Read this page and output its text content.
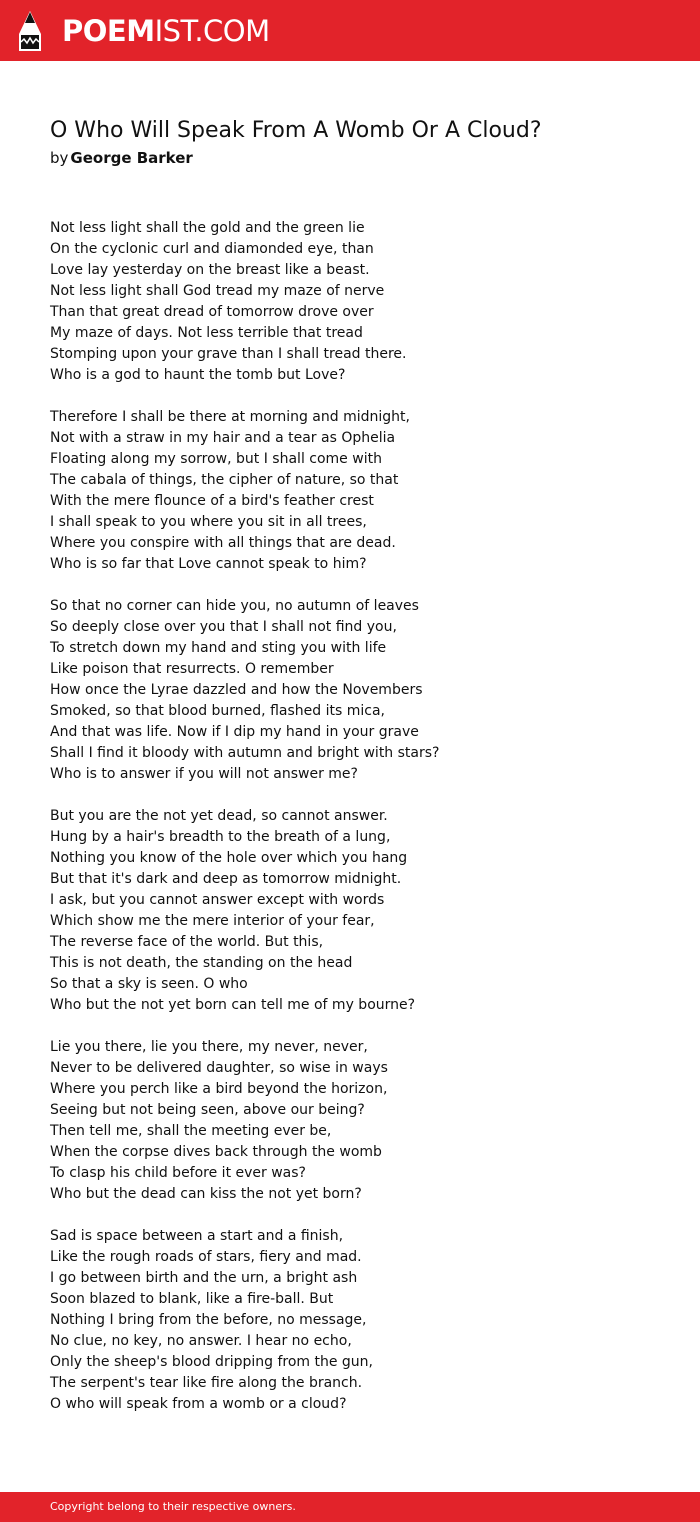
POEMIST.COM
O Who Will Speak From A Womb Or A Cloud?
by George Barker
Not less light shall the gold and the green lie
On the cyclonic curl and diamonded eye, than
Love lay yesterday on the breast like a beast.
Not less light shall God tread my maze of nerve
Than that great dread of tomorrow drove over
My maze of days. Not less terrible that tread
Stomping upon your grave than I shall tread there.
Who is a god to haunt the tomb but Love?
Therefore I shall be there at morning and midnight,
Not with a straw in my hair and a tear as Ophelia
Floating along my sorrow, but I shall come with
The cabala of things, the cipher of nature, so that
With the mere flounce of a bird's feather crest
I shall speak to you where you sit in all trees,
Where you conspire with all things that are dead.
Who is so far that Love cannot speak to him?
So that no corner can hide you, no autumn of leaves
So deeply close over you that I shall not find you,
To stretch down my hand and sting you with life
Like poison that resurrects. O remember
How once the Lyrae dazzled and how the Novembers
Smoked, so that blood burned, flashed its mica,
And that was life. Now if I dip my hand in your grave
Shall I find it bloody with autumn and bright with stars?
Who is to answer if you will not answer me?
But you are the not yet dead, so cannot answer.
Hung by a hair's breadth to the breath of a lung,
Nothing you know of the hole over which you hang
But that it's dark and deep as tomorrow midnight.
I ask, but you cannot answer except with words
Which show me the mere interior of your fear,
The reverse face of the world. But this,
This is not death, the standing on the head
So that a sky is seen. O who
Who but the not yet born can tell me of my bourne?
Lie you there, lie you there, my never, never,
Never to be delivered daughter, so wise in ways
Where you perch like a bird beyond the horizon,
Seeing but not being seen, above our being?
Then tell me, shall the meeting ever be,
When the corpse dives back through the womb
To clasp his child before it ever was?
Who but the dead can kiss the not yet born?
Sad is space between a start and a finish,
Like the rough roads of stars, fiery and mad.
I go between birth and the urn, a bright ash
Soon blazed to blank, like a fire-ball. But
Nothing I bring from the before, no message,
No clue, no key, no answer. I hear no echo,
Only the sheep's blood dripping from the gun,
The serpent's tear like fire along the branch.
O who will speak from a womb or a cloud?
Copyright belong to their respective owners.
